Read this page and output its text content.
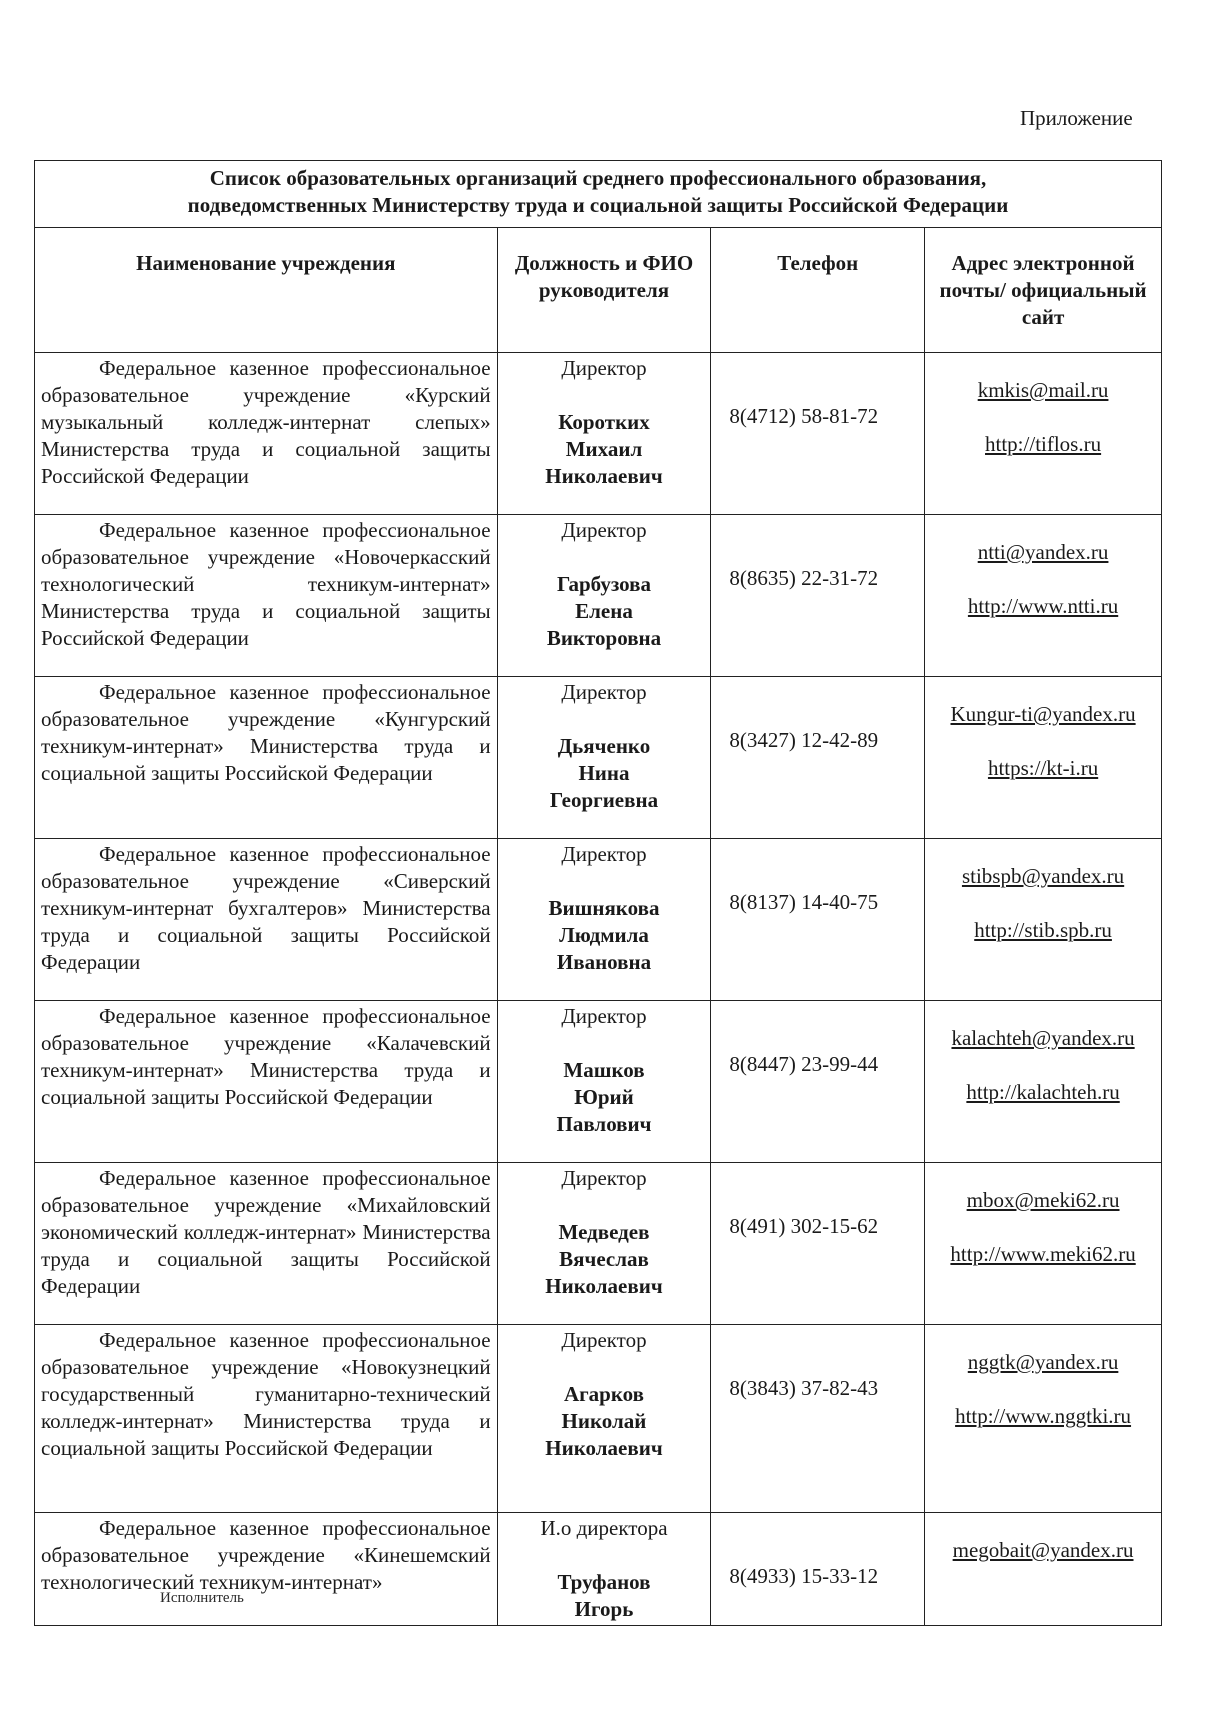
Приложение
Список образовательных организаций среднего профессионального образования,
подведомственных Министерству труда и социальной защиты Российской Федерации			

Наименование учреждения	Должность и ФИО руководителя	Телефон	Адрес электронной почты/ официальный сайт
Федеральное казенное профессиональное образовательное учреждение «Курский музыкальный колледж-интернат слепых» Министерства труда и социальной защиты Российской Федерации	Директор
Коротких
Михаил
Николаевич	8(4712) 58-81-72	kmkis@mail.ru
http://tiflos.ru

Федеральное казенное профессиональное образовательное учреждение «Новочеркасский технологический техникум-интернат» Министерства труда и социальной защиты Российской Федерации	Директор
Гарбузова
Елена
Викторовна	8(8635) 22-31-72	ntti@yandex.ru
http://www.ntti.ru

Федеральное казенное профессиональное образовательное учреждение «Кунгурский техникум-интернат» Министерства труда и социальной защиты Российской Федерации	Директор
Дьяченко
Нина
Георгиевна	8(3427) 12-42-89	Kungur-ti@yandex.ru
https://kt-i.ru

Федеральное казенное профессиональное образовательное учреждение «Сиверский техникум-интернат бухгалтеров» Министерства труда и социальной защиты Российской Федерации	Директор
Вишнякова
Людмила
Ивановна	8(8137) 14-40-75	stibspb@yandex.ru
http://stib.spb.ru

Федеральное казенное профессиональное образовательное учреждение «Калачевский техникум-интернат» Министерства труда и социальной защиты Российской Федерации	Директор
Машков
Юрий
Павлович	8(8447) 23-99-44	kalachteh@yandex.ru
http://kalachteh.ru

Федеральное казенное профессиональное образовательное учреждение «Михайловский экономический колледж-интернат» Министерства труда и социальной защиты Российской Федерации	Директор
Медведев
Вячеслав
Николаевич	8(491) 302-15-62	mbox@meki62.ru
http://www.meki62.ru

Федеральное казенное профессиональное образовательное учреждение «Новокузнецкий государственный гуманитарно-технический колледж-интернат» Министерства труда и социальной защиты Российской Федерации	Директор
Агарков
Николай
Николаевич	8(3843) 37-82-43	nggtk@yandex.ru
http://www.nggtki.ru

Федеральное казенное профессиональное образовательное учреждение «Кинешемский технологический техникум-интернат»	И.о директора
Труфанов
Игорь	8(4933) 15-33-12	megobait@yandex.ru
Исполнитель
